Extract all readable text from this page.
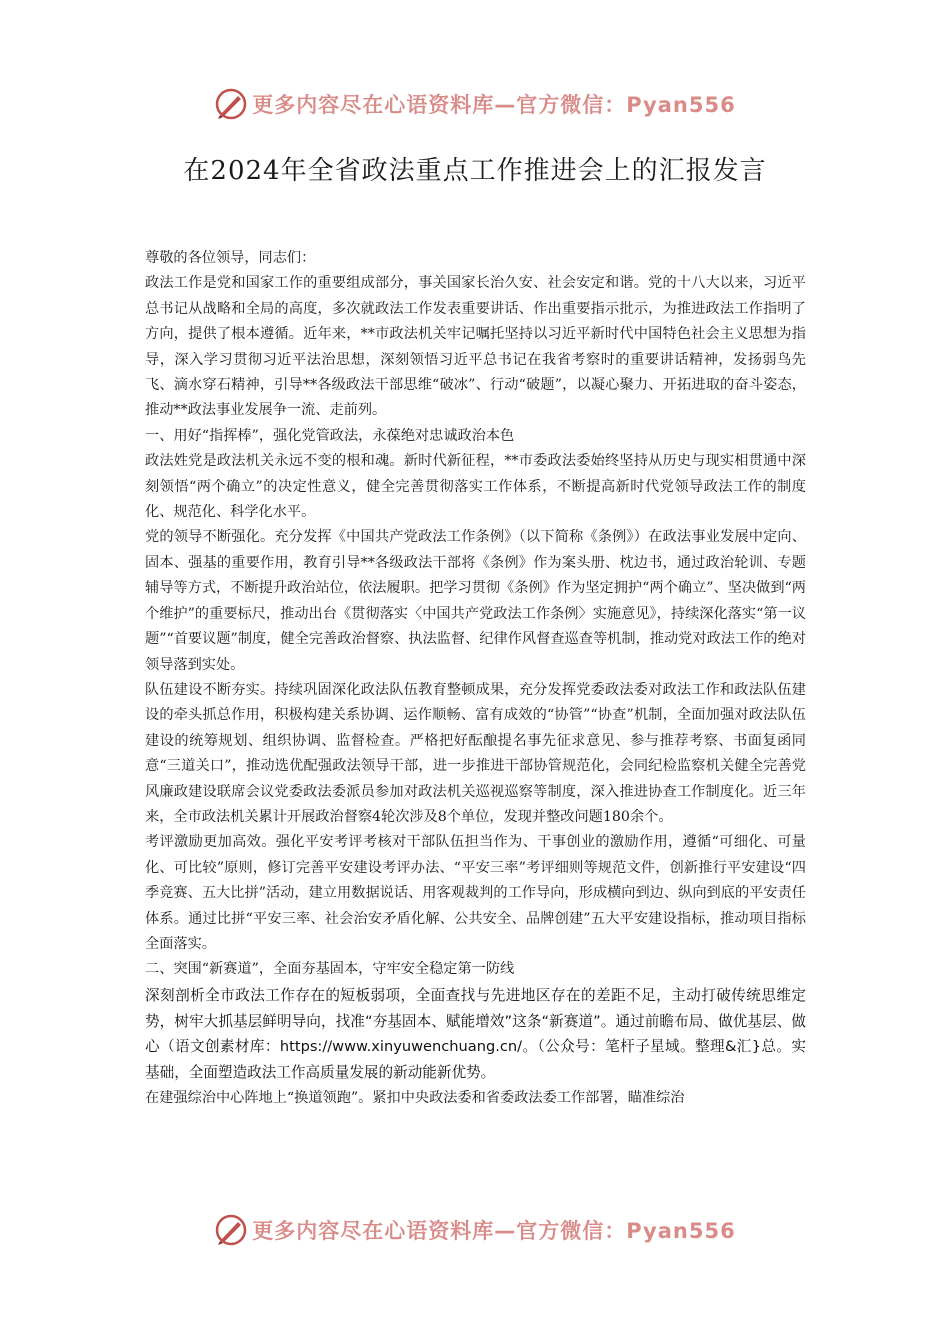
更多内容尽在心语资料库—官方微信：Pyan556
在2024年全省政法重点工作推进会上的汇报发言

尊敬的各位领导，同志们：

政法工作是党和国家工作的重要组成部分，事关国家长治久安、社会安定和谐。党的十八大以来，习近平总书记从战略和全局的高度，多次就政法工作发表重要讲话、作出重要指示批示，为推进政法工作指明了方向，提供了根本遵循。近年来，**市政法机关牢记嘱托坚持以习近平新时代中国特色社会主义思想为指导，深入学习贯彻习近平法治思想，深刻领悟习近平总书记在我省考察时的重要讲话精神，发扬弱鸟先飞、滴水穿石精神，引导**各级政法干部思维“破冰”、行动“破题”，以凝心聚力、开拓进取的奋斗姿态，推动**政法事业发展争一流、走前列。

一、用好“指挥棒”，强化党管政法，永葆绝对忠诚政治本色

政法姓党是政法机关永远不变的根和魂。新时代新征程，**市委政法委始终坚持从历史与现实相贯通中深刻领悟“两个确立”的决定性意义，健全完善贯彻落实工作体系，不断提高新时代党领导政法工作的制度化、规范化、科学化水平。

党的领导不断强化。充分发挥《中国共产党政法工作条例》（以下简称《条例》）在政法事业发展中定向、固本、强基的重要作用，教育引导**各级政法干部将《条例》作为案头册、枕边书，通过政治轮训、专题辅导等方式，不断提升政治站位，依法履职。把学习贯彻《条例》作为坚定拥护“两个确立”、坚决做到“两个维护”的重要标尺，推动出台《贯彻落实〈中国共产党政法工作条例〉实施意见》，持续深化落实“第一议题”“首要议题”制度，健全完善政治督察、执法监督、纪律作风督查巡查等机制，推动党对政法工作的绝对领导落到实处。

队伍建设不断夯实。持续巩固深化政法队伍教育整顿成果，充分发挥党委政法委对政法工作和政法队伍建设的牵头抓总作用，积极构建关系协调、运作顺畅、富有成效的“协管”“协查”机制，全面加强对政法队伍建设的统筹规划、组织协调、监督检查。严格把好酝酿提名事先征求意见、参与推荐考察、书面复函同意“三道关口”，推动选优配强政法领导干部，进一步推进干部协管规范化，会同纪检监察机关健全完善党风廉政建设联席会议党委政法委派员参加对政法机关巡视巡察等制度，深入推进协查工作制度化。近三年来，全市政法机关累计开展政治督察4轮次涉及8个单位，发现并整改问题180余个。

考评激励更加高效。强化平安考评考核对干部队伍担当作为、干事创业的激励作用，遵循“可细化、可量化、可比较”原则，修订完善平安建设考评办法、“平安三率”考评细则等规范文件，创新推行平安建设“四季竞赛、五大比拼”活动，建立用数据说话、用客观裁判的工作导向，形成横向到边、纵向到底的平安责任体系。通过比拼“平安三率、社会治安矛盾化解、公共安全、品牌创建”五大平安建设指标，推动项目指标全面落实。

二、突围“新赛道”，全面夯基固本，守牢安全稳定第一防线

深刻剖析全市政法工作存在的短板弱项，全面查找与先进地区存在的差距不足，主动打破传统思维定势，树牢大抓基层鲜明导向，找准“夯基固本、赋能增效”这条“新赛道”。通过前瞻布局、做优基层、做心（语文创素材库：https://www.xinyuwenchuang.cn/。（公众号：笔杆子星域。整理&汇}总。实基础，全面塑造政法工作高质量发展的新动能新优势。

在建强综治中心阵地上“换道领跑”。紧扣中央政法委和省委政法委工作部署，瞄准综治

更多内容尽在心语资料库—官方微信：Pyan556
